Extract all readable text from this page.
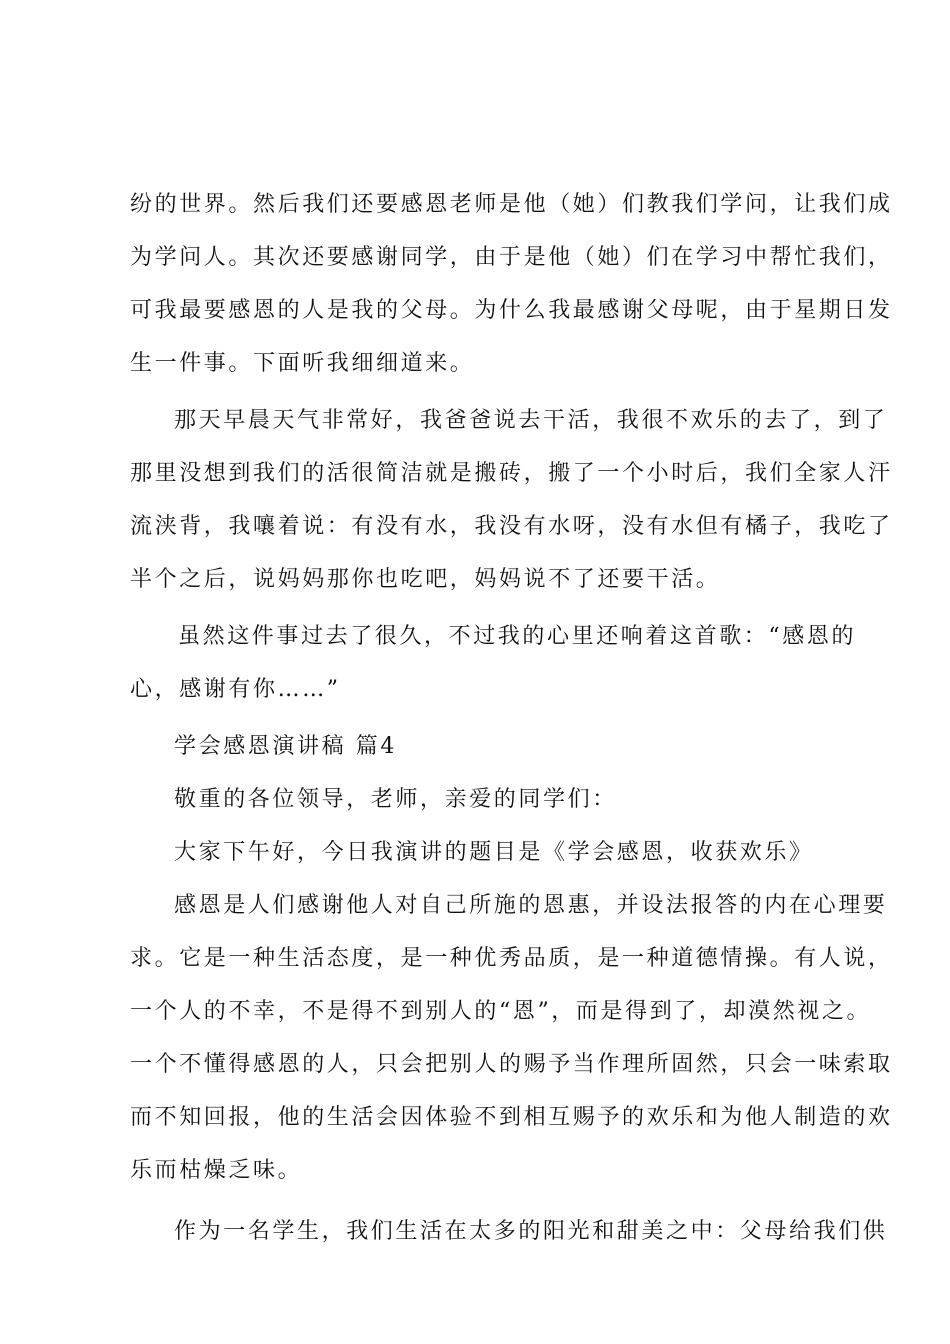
纷的世界。然后我们还要感恩老师是他（她）们教我们学问，让我们成
为学问人。其次还要感谢同学，由于是他（她）们在学习中帮忙我们，
可我最要感恩的人是我的父母。为什么我最感谢父母呢，由于星期日发
生一件事。下面听我细细道来。
那天早晨天气非常好，我爸爸说去干活，我很不欢乐的去了，到了
那里没想到我们的活很简洁就是搬砖，搬了一个小时后，我们全家人汗
流浃背，我嚷着说：有没有水，我没有水呀，没有水但有橘子，我吃了
半个之后，说妈妈那你也吃吧，妈妈说不了还要干活。
虽然这件事过去了很久，不过我的心里还响着这首歌：“感恩的
心，感谢有你……”
学会感恩演讲稿 篇4
敬重的各位领导，老师，亲爱的同学们：
大家下午好，今日我演讲的题目是《学会感恩，收获欢乐》
感恩是人们感谢他人对自己所施的恩惠，并设法报答的内在心理要
求。它是一种生活态度，是一种优秀品质，是一种道德情操。有人说，
一个人的不幸，不是得不到别人的“恩”，而是得到了，却漠然视之。
一个不懂得感恩的人，只会把别人的赐予当作理所固然，只会一味索取
而不知回报，他的生活会因体验不到相互赐予的欢乐和为他人制造的欢
乐而枯燥乏味。
作为一名学生，我们生活在太多的阳光和甜美之中：父母给我们供
